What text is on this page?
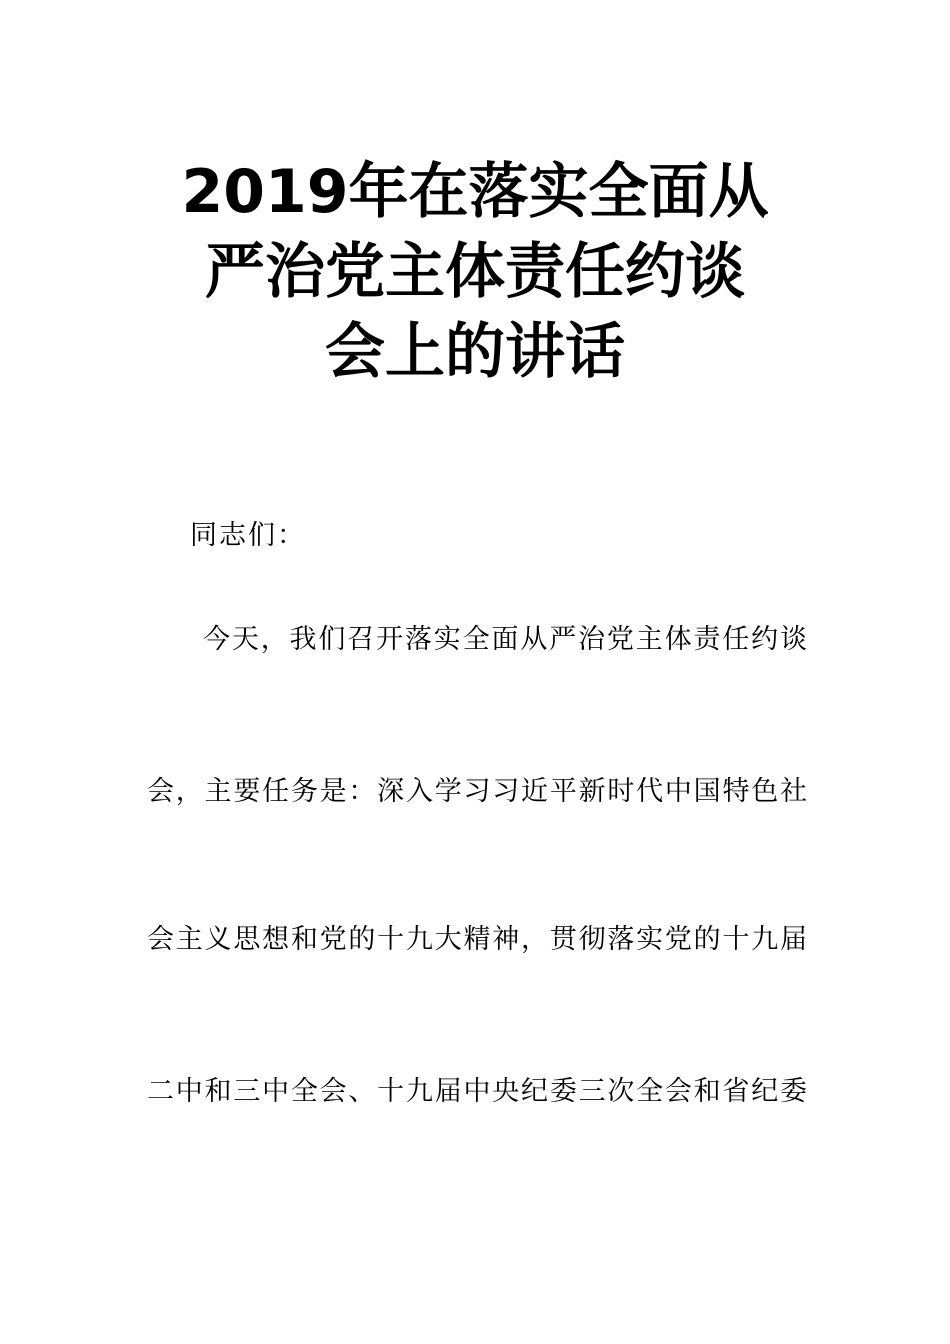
2019年在落实全面从
严治党主体责任约谈
会上的讲话

同志们：

今天，我们召开落实全面从严治党主体责任约谈

会，主要任务是：深入学习习近平新时代中国特色社

会主义思想和党的十九大精神，贯彻落实党的十九届

二中和三中全会、十九届中央纪委三次全会和省纪委
